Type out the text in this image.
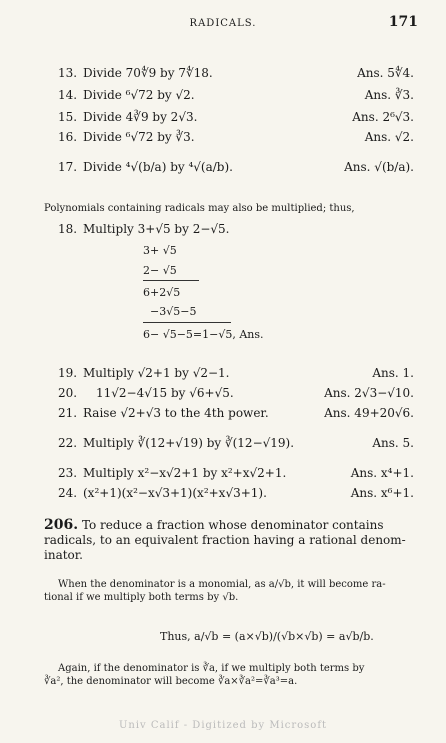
RADICALS.	171
13. Divide 70∜9 by 7∜18.	Ans. 5∜4.
14. Divide ⁶√72 by √2.	Ans. ∛3.
15. Divide 4∛9 by 2√3.	Ans. 2⁶√3.
16. Divide ⁶√72 by ∛3.	Ans. √2.
17. Divide ⁴√(b/a) by ⁴√(a/b).	Ans. √(b/a).
Polynomials containing radicals may also be multiplied; thus,
18. Multiply 3+√5 by 2−√5.
3+ √5
2− √5
6+2√5
−3√5−5
6− √5−5=1−√5, Ans.
19. Multiply √2+1 by √2−1.	Ans. 1.
20. 11√2−4√15 by √6+√5.	Ans. 2√3−√10.
21. Raise √2+√3 to the 4th power.	Ans. 49+20√6.
22. Multiply ∛(12+√19) by ∛(12−√19).	Ans. 5.
23. Multiply x²−x√2+1 by x²+x√2+1.	Ans. x⁴+1.
24. (x²+1)(x²−x√3+1)(x²+x√3+1).	Ans. x⁶+1.
206. To reduce a fraction whose denominator contains
radicals, to an equivalent fraction having a rational denom-
inator.
When the denominator is a monomial, as a/√b, it will become ra-
tional if we multiply both terms by √b.
Thus, a/√b = (a×√b)/(√b×√b) = a√b/b.
Again, if the denominator is ∛a, if we multiply both terms by
∛a², the denominator will become ∛a×∛a²=∛a³=a.
Univ Calif - Digitized by Microsoft
